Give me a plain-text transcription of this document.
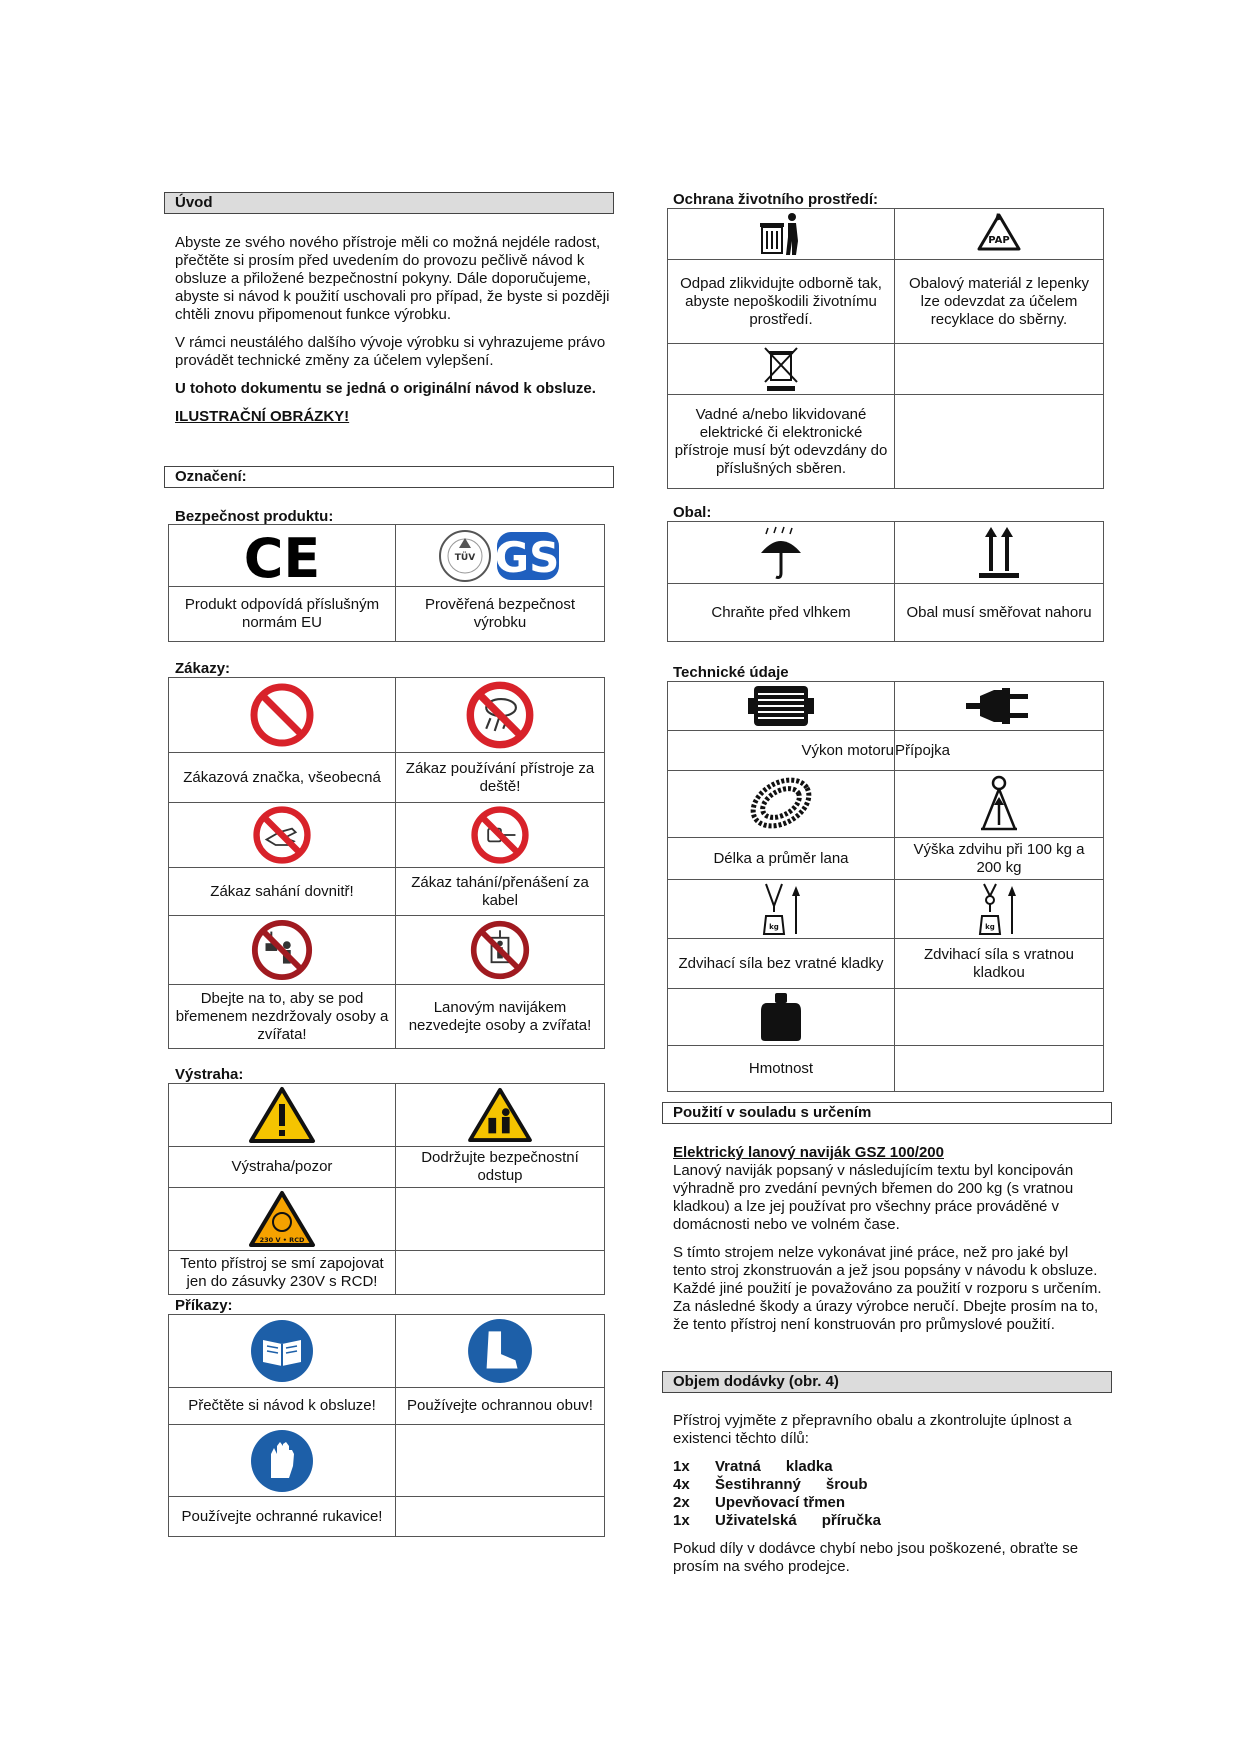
Úvod

Abyste ze svého nového přístroje měli co možná nejdéle radost, přečtěte si prosím před uvedením do provozu pečlivě návod k obsluze a přiložené bezpečnostní pokyny. Dále doporučujeme, abyste si návod k použití uschovali pro případ, že byste si později chtěli znovu připomenout funkce výrobku.

V rámci neustálého dalšího vývoje výrobku si vyhrazujeme právo provádět technické změny za účelem vylepšení.

U tohoto dokumentu se jedná o originální návod k obsluze.

ILUSTRAČNÍ OBRÁZKY!

Označení:
Bezpečnost produktu:
CE	TÜV GS

Produkt odpovídá příslušným normám EU	Prověřená bezpečnost výrobku
Zákazy:

Zákazová značka, všeobecná	Zákaz používání přístroje za deště!

Zákaz sahání dovnitř!	Zákaz tahání/přenášení za kabel

Dbejte na to, aby se pod břemenem nezdržovaly osoby a zvířata!	Lanovým navijákem nezvedejte osoby a zvířata!
Výstraha:

Výstraha/pozor	Dodržujte bezpečnostní odstup

230 V • RCD	

Tento přístroj se smí zapojovat jen do zásuvky 230V s RCD!	
Příkazy:

Přečtěte si návod k obsluze!	Používejte ochrannou obuv!

Používejte ochranné rukavice!	
Ochrana životního prostředí:

PAP

Odpad zlikvidujte odborně tak, abyste nepoškodili životnímu prostředí.	Obalový materiál z lepenky lze odevzdat za účelem recyklace do sběrny.

Vadné a/nebo likvidované elektrické či elektronické přístroje musí být odevzdány do příslušných sběren.	
Obal:

Chraňte před vlhkem	Obal musí směřovat nahoru
Technické údaje

Výkon motoru	Přípojka

Délka a průměr lana	Výška zdvihu při 100 kg a 200 kg

kg	kg

Zdvihací síla bez vratné kladky	Zdvihací síla s vratnou kladkou

Hmotnost	
Použití v souladu s určením
Elektrický lanový naviják GSZ 100/200

Lanový naviják popsaný v následujícím textu byl koncipován výhradně pro zvedání pevných břemen do 200 kg (s vratnou kladkou) a lze jej používat pro všechny práce prováděné v domácnosti nebo ve volném čase.

S tímto strojem nelze vykonávat jiné práce, než pro jaké byl tento stroj zkonstruován a jež jsou popsány v návodu k obsluze. Každé jiné použití je považováno za použití v rozporu s určením. Za následné škody a úrazy výrobce neručí. Dbejte prosím na to, že tento přístroj není konstruován pro průmyslové použití.

Objem dodávky (obr. 4)

Přístroj vyjměte z přepravního obalu a zkontrolujte úplnost a existenci těchto dílů:

1x	Vratná      kladka
4x	Šestihranný      šroub
2x	Upevňovací třmen
1x	Uživatelská      příručka

Pokud díly v dodávce chybí nebo jsou poškozené, obraťte se prosím na svého prodejce.
